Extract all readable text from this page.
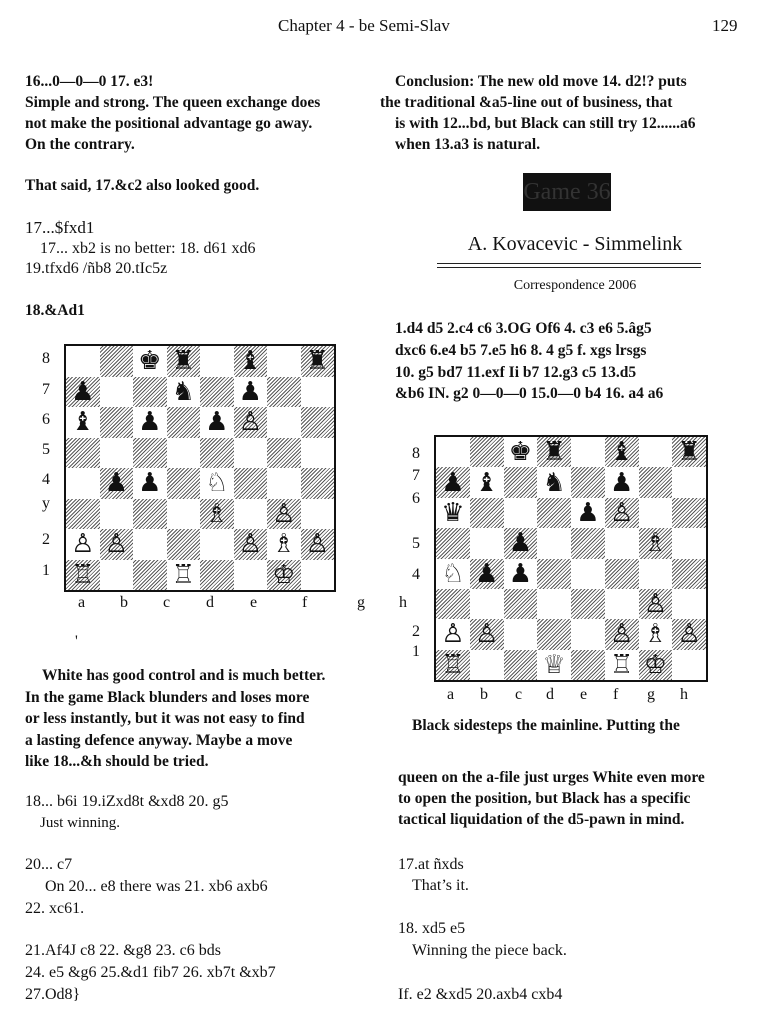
Chapter 4 - be Semi-Slav	129
16...0—0—0 17. e3!
Simple and strong. The queen exchange does
not make the positional advantage go away.
On the contrary.
That said, 17.&c2 also looked good.
17...$fxd1
17... xb2 is no better: 18. d61 xd6
19.tfxd6 /ñb8 20.tIc5z
18.&Ad1
♚ ♜ ♝ ♜
♟	♞ ♟
♝ ♟ ♟ ♙
♟ ♟ ♘
♗ ♙
♙ ♙	♙ ♗ ♙
♖	♖	♔
8
7
6
5
4
y
2
1
a b c d e	f	g h
'
White has good control and is much better.
In the game Black blunders and loses more
or less instantly, but it was not easy to find
a lasting defence anyway. Maybe a move
like 18...&h should be tried.
18... b6i 19.iZxd8t &xd8 20. g5
Just winning.
20... c7
On 20... e8 there was 21. xb6 axb6
22. xc61.
21.Af4J c8 22. &g8 23. c6 bds
24. e5 &g6 25.&d1 fib7 26. xb7t &xb7
27.Od8}
Conclusion: The new old move 14. d2!? puts
the traditional &a5-line out of business, that
is with 12...bd, but Black can still try 12......a6
when 13.a3 is natural.
Game 36
A. Kovacevic - Simmelink
Correspondence 2006
1.d4 d5 2.c4 c6 3.OG Of6 4. c3 e6 5.âg5
dxc6 6.e4 b5 7.e5 h6 8. 4 g5 f. xgs lrsgs
10. g5 bd7 11.exf Ii b7 12.g3 c5 13.d5
&b6 IN. g2 0—0—0 15.0—0 b4 16. a4 a6
♚ ♜ ♝ ♜
♟ ♝ ♞ ♟
♛	♟ ♙
♟	♗
♘ ♟ ♟
♙
♙ ♙	♙ ♗ ♙
♖	♕ ♖ ♔
8
7
6
5
4
2
1
a b c d e f g h
Black sidesteps the mainline. Putting the
queen on the a-file just urges White even more
to open the position, but Black has a specific
tactical liquidation of the d5-pawn in mind.
17.at ñxds
That’s it.
18. xd5 e5
Winning the piece back.
If. e2 &xd5 20.axb4 cxb4
